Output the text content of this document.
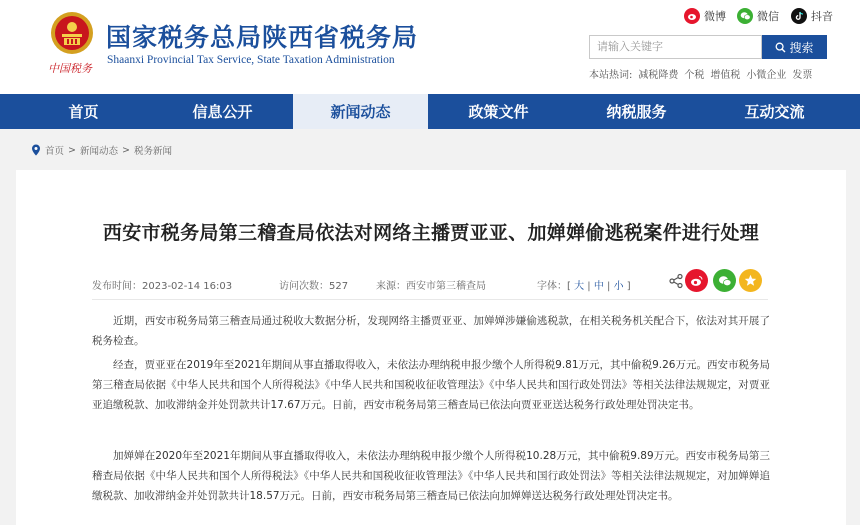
中国税务
国家税务总局陕西省税务局
Shaanxi Provincial Tax Service, State Taxation Administration
微博	微信	抖音
请输入关键字	搜索
本站热词: 减税降费 个税 增值税 小微企业 发票
首页	信息公开	新闻动态	政策文件	纳税服务	互动交流
首页 > 新闻动态 > 税务新闻
西安市税务局第三稽查局依法对网络主播贾亚亚、加婵婵偷逃税案件进行处理
发布时间：2023-02-14 16:03	访问次数：527	来源：西安市第三稽查局	字体：[ 大 | 中 | 小 ]

近期，西安市税务局第三稽查局通过税收大数据分析，发现网络主播贾亚亚、加婵婵涉嫌偷逃税款，在相关税务机关配合下，依法对其开展了税务检查。

经查，贾亚亚在2019年至2021年期间从事直播取得收入，未依法办理纳税申报少缴个人所得税9.81万元，其中偷税9.26万元。西安市税务局第三稽查局依据《中华人民共和国个人所得税法》《中华人民共和国税收征收管理法》《中华人民共和国行政处罚法》等相关法律法规规定，对贾亚亚追缴税款、加收滞纳金并处罚款共计17.67万元。日前，西安市税务局第三稽查局已依法向贾亚亚送达税务行政处理处罚决定书。

加婵婵在2020年至2021年期间从事直播取得收入，未依法办理纳税申报少缴个人所得税10.28万元，其中偷税9.89万元。西安市税务局第三稽查局依据《中华人民共和国个人所得税法》《中华人民共和国税收征收管理法》《中华人民共和国行政处罚法》等相关法律法规规定，对加婵婵追缴税款、加收滞纳金并处罚款共计18.57万元。日前，西安市税务局第三稽查局已依法向加婵婵送达税务行政处理处罚决定书。
